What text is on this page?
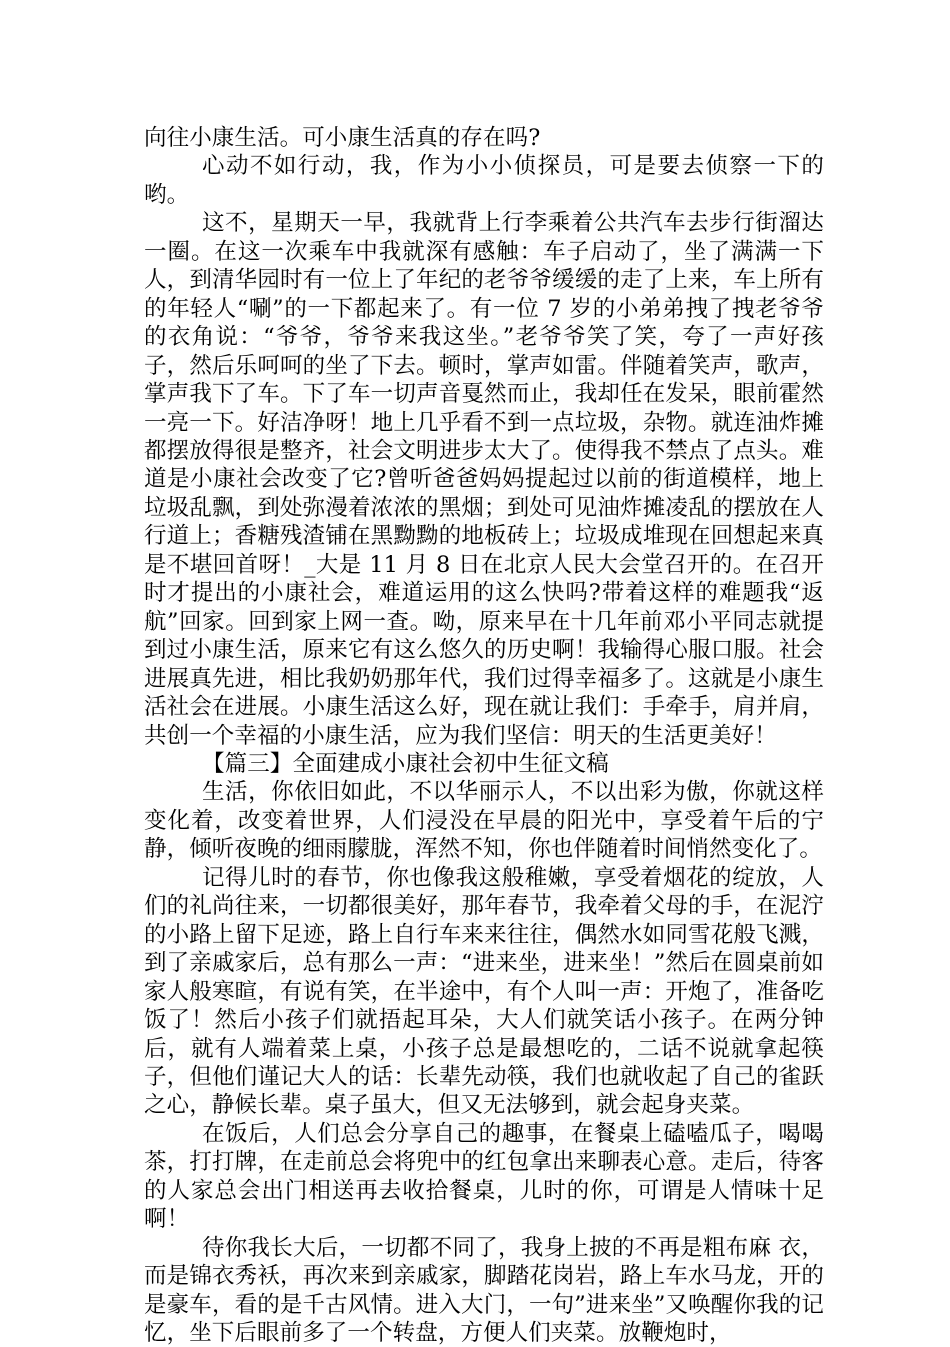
向往小康生活。可小康生活真的存在吗?

心动不如行动，我，作为小小侦探员，可是要去侦察一下的哟。

这不，星期天一早，我就背上行李乘着公共汽车去步行街溜达一圈。在这一次乘车中我就深有感触：车子启动了，坐了满满一下人，到清华园时有一位上了年纪的老爷爷缓缓的走了上来，车上所有的年轻人“唰”的一下都起来了。有一位 7 岁的小弟弟拽了拽老爷爷的衣角说：“爷爷，爷爷来我这坐。”老爷爷笑了笑，夸了一声好孩子，然后乐呵呵的坐了下去。顿时，掌声如雷。伴随着笑声，歌声，掌声我下了车。下了车一切声音戛然而止，我却任在发呆，眼前霍然一亮一下。好洁净呀！地上几乎看不到一点垃圾，杂物。就连油炸摊都摆放得很是整齐，社会文明进步太大了。使得我不禁点了点头。难道是小康社会改变了它?曾听爸爸妈妈提起过以前的街道模样，地上垃圾乱飘，到处弥漫着浓浓的黑烟；到处可见油炸摊凌乱的摆放在人行道上；香糖残渣铺在黑黝黝的地板砖上；垃圾成堆现在回想起来真是不堪回首呀！_大是 11 月 8 日在北京人民大会堂召开的。在召开时才提出的小康社会，难道运用的这么快吗?带着这样的难题我“返航”回家。回到家上网一查。呦，原来早在十几年前邓小平同志就提到过小康生活，原来它有这么悠久的历史啊！我输得心服口服。社会进展真先进，相比我奶奶那年代，我们过得幸福多了。这就是小康生活社会在进展。小康生活这么好，现在就让我们：手牵手，肩并肩，共创一个幸福的小康生活，应为我们坚信：明天的生活更美好！

【篇三】全面建成小康社会初中生征文稿

生活，你依旧如此，不以华丽示人，不以出彩为傲，你就这样变化着，改变着世界，人们浸没在早晨的阳光中，享受着午后的宁静，倾听夜晚的细雨朦胧，浑然不知，你也伴随着时间悄然变化了。

记得儿时的春节，你也像我这般稚嫩，享受着烟花的绽放，人们的礼尚往来，一切都很美好，那年春节，我牵着父母的手，在泥泞的小路上留下足迹，路上自行车来来往往，偶然水如同雪花般飞溅，到了亲戚家后，总有那么一声：“进来坐，进来坐！”然后在圆桌前如家人般寒暄，有说有笑，在半途中，有个人叫一声：开炮了，准备吃饭了！然后小孩子们就捂起耳朵，大人们就笑话小孩子。在两分钟后，就有人端着菜上桌，小孩子总是最想吃的，二话不说就拿起筷子，但他们谨记大人的话：长辈先动筷，我们也就收起了自己的雀跃之心，静候长辈。桌子虽大，但又无法够到，就会起身夹菜。

在饭后，人们总会分享自己的趣事，在餐桌上磕嗑瓜子，喝喝茶，打打牌，在走前总会将兜中的红包拿出来聊表心意。走后，待客的人家总会出门相送再去收拾餐桌，儿时的你，可谓是人情味十足啊！

待你我长大后，一切都不同了，我身上披的不再是粗布麻 衣，而是锦衣秀袄，再次来到亲戚家，脚踏花岗岩，路上车水马龙，开的是豪车，看的是千古风情。进入大门，一句”进来坐”又唤醒你我的记忆，坐下后眼前多了一个转盘，方便人们夹菜。放鞭炮时，
